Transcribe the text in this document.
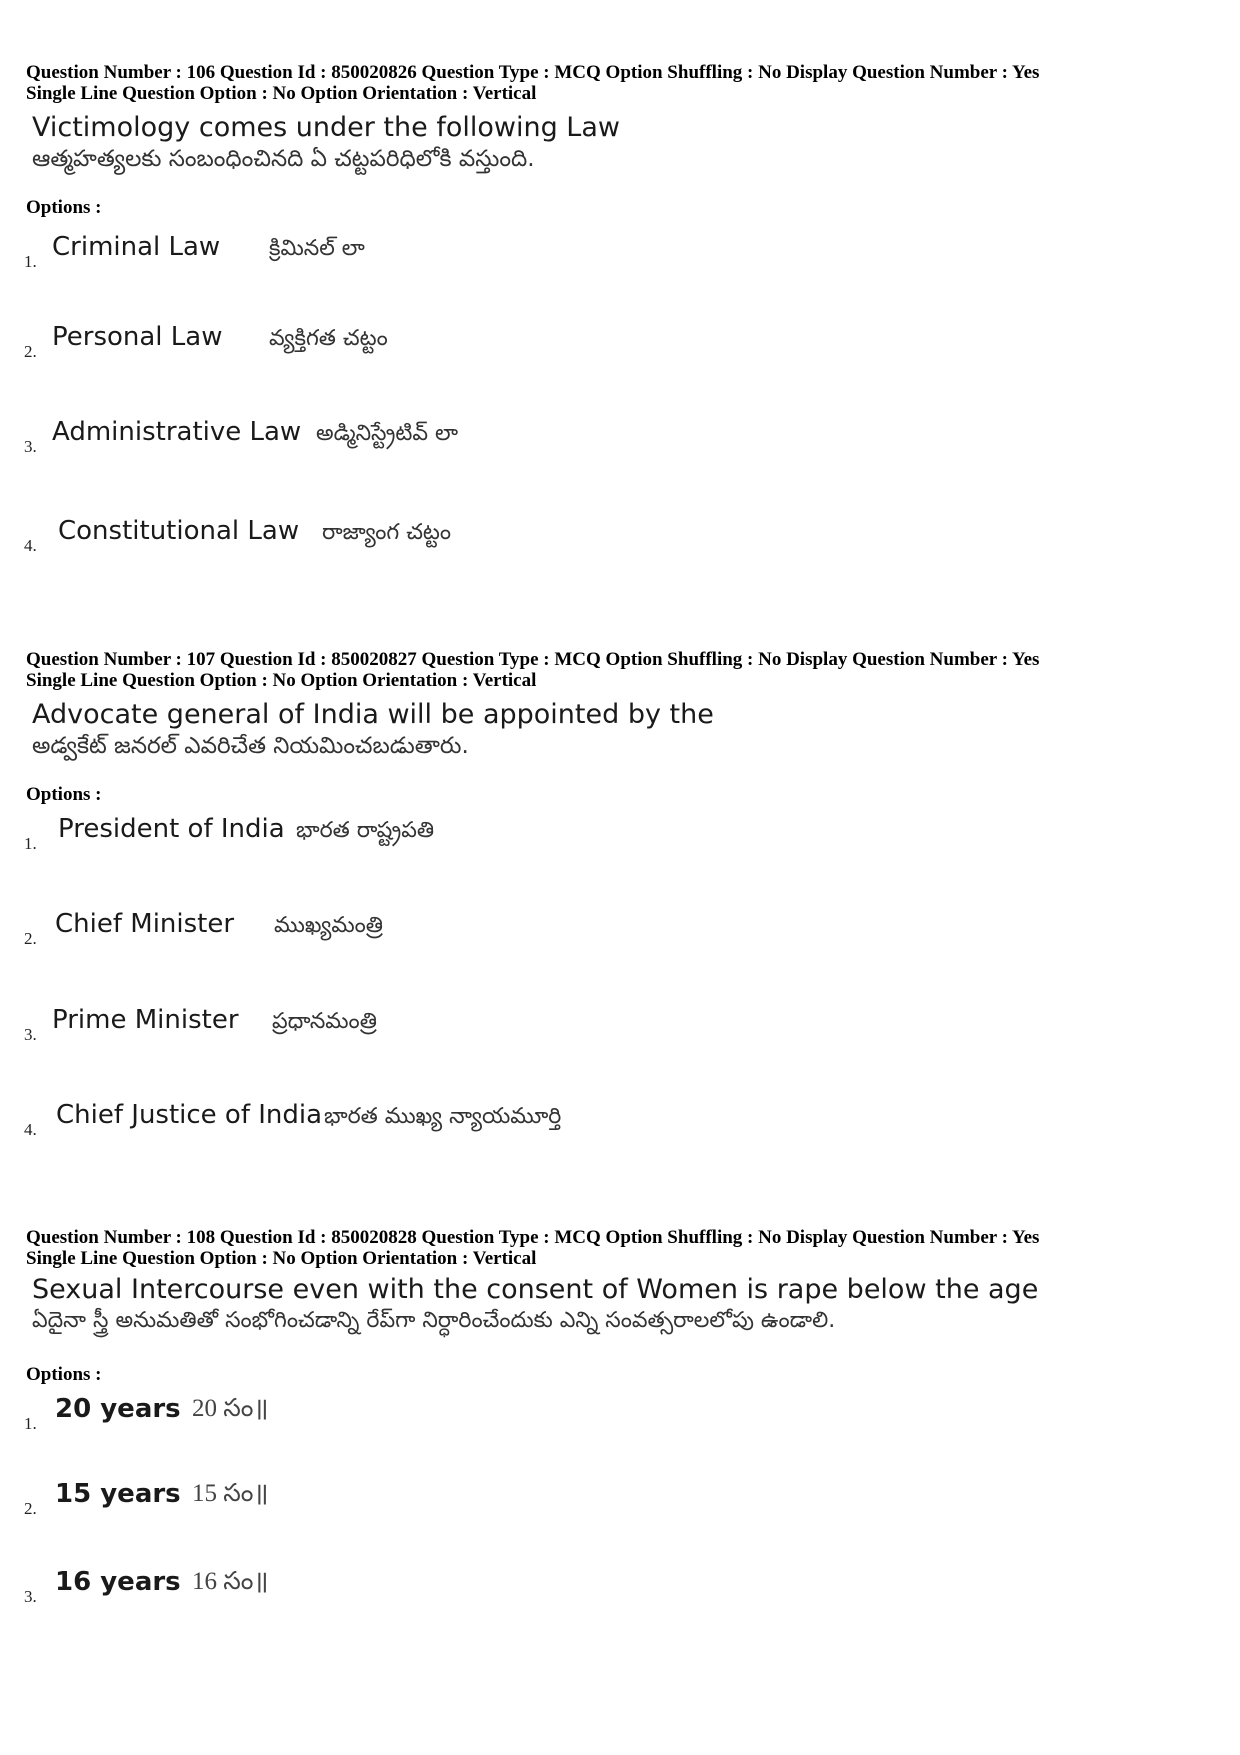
Question Number : 106 Question Id : 850020826 Question Type : MCQ Option Shuffling : No Display Question Number : Yes
Single Line Question Option : No Option Orientation : Vertical
Victimology comes under the following Law
ఆత్మహత్యలకు సంబంధించినది ఏ చట్టపరిధిలోకి వస్తుంది.
Options :
1. Criminal Law క్రిమినల్ లా
2. Personal Law వ్యక్తిగత చట్టం
3. Administrative Law అడ్మినిస్ట్రేటివ్ లా
4. Constitutional Law రాజ్యాంగ చట్టం
Question Number : 107 Question Id : 850020827 Question Type : MCQ Option Shuffling : No Display Question Number : Yes
Single Line Question Option : No Option Orientation : Vertical
Advocate general of India will be appointed by the
అడ్వకేట్ జనరల్ ఎవరిచేత నియమించబడుతారు.
Options :
1. President of India భారత రాష్ట్రపతి
2. Chief Minister ముఖ్యమంత్రి
3. Prime Minister ప్రధానమంత్రి
4. Chief Justice of India భారత ముఖ్య న్యాయమూర్తి
Question Number : 108 Question Id : 850020828 Question Type : MCQ Option Shuffling : No Display Question Number : Yes
Single Line Question Option : No Option Orientation : Vertical
Sexual Intercourse even with the consent of Women is rape below the age
ఏదైనా స్త్రీ అనుమతితో సంభోగించడాన్ని రేప్‌గా నిర్ధారించేందుకు ఎన్ని సంవత్సరాలలోపు ఉండాలి.
Options :
1. 20 years 20 సం॥
2. 15 years 15 సం॥
3. 16 years 16 సం॥
